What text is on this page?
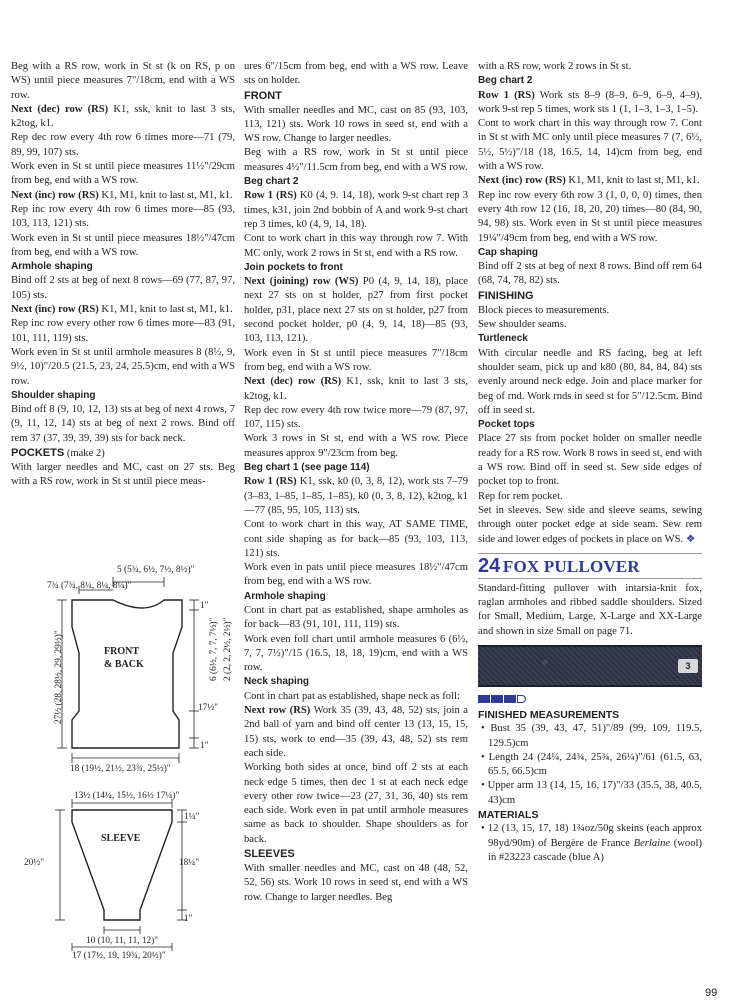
Beg with a RS row, work in St st (k on RS, p on WS) until piece measures 7"/18cm, end with a WS row.

Next (dec) row (RS) K1, ssk, knit to last 3 sts, k2tog, k1.

Rep dec row every 4th row 6 times more—71 (79, 89, 99, 107) sts.

Work even in St st until piece measures 11½"/29cm from beg, end with a WS row.

Next (inc) row (RS) K1, M1, knit to last st, M1, k1.

Rep inc row every 4th row 6 times more—85 (93, 103, 113, 121) sts.

Work even in St st until piece measures 18½"/47cm from beg, end with a WS row.

Armhole shaping

Bind off 2 sts at beg of next 8 rows—69 (77, 87, 97, 105) sts.

Next (inc) row (RS) K1, M1, knit to last st, M1, k1.

Rep inc row every other row 6 times more—83 (91, 101, 111, 119) sts.

Work even in St st until armhole measures 8 (8½, 9, 9½, 10)"/20.5 (21.5, 23, 24, 25.5)cm, end with a WS row.

Shoulder shaping

Bind off 8 (9, 10, 12, 13) sts at beg of next 4 rows, 7 (9, 11, 12, 14) sts at beg of next 2 rows. Bind off rem 37 (37, 39, 39, 39) sts for back neck.

POCKETS (make 2)

With larger needles and MC, cast on 27 sts. Beg with a RS row, work in St st until piece meas-

ures 6"/15cm from beg, end with a WS row. Leave sts on holder.

FRONT

With smaller needles and MC, cast on 85 (93, 103, 113, 121) sts. Work 10 rows in seed st, end with a WS row. Change to larger needles.

Beg with a RS row, work in St st until piece measures 4½"/11.5cm from beg, end with a WS row.

Beg chart 2

Row 1 (RS) K0 (4, 9. 14, 18), work 9-st chart rep 3 times, k31, join 2nd bobbin of A and work 9-st chart rep 3 times, k0 (4, 9, 14, 18).

Cont to work chart in this way through row 7. With MC only, work 2 rows in St st, end with a RS row.

Join pockets to front

Next (joining) row (WS) P0 (4, 9, 14, 18), place next 27 sts on st holder, p27 from first pocket holder, p31, place next 27 sts on st holder, p27 from second pocket holder, p0 (4, 9, 14, 18)—85 (93, 103, 113, 121).

Work even in St st until piece measures 7"/18cm from beg, end with a WS row.

Next (dec) row (RS) K1, ssk, knit to last 3 sts, k2tog, k1.

Rep dec row every 4th row twice more—79 (87, 97, 107, 115) sts.

Work 3 rows in St st, end with a WS row. Piece measures approx 9"/23cm from beg.

Beg chart 1 (see page 114)

Row 1 (RS) K1, ssk, k0 (0, 3, 8, 12), work sts 7–79 (3–83, 1–85, 1–85, 1–85), k0 (0, 3, 8, 12), k2tog, k1—77 (85, 95, 105, 113) sts.

Cont to work chart in this way, AT SAME TIME, cont side shaping as for back—85 (93, 103, 113, 121) sts.

Work even in pats until piece measures 18½"/47cm from beg, end with a WS row.

Armhole shaping

Cont in chart pat as established, shape armholes as for back—83 (91, 101, 111, 119) sts.

Work even foll chart until armhole measures 6 (6½, 7, 7, 7½)"/15 (16.5, 18, 18, 19)cm, end with a WS row.

Neck shaping

Cont in chart pat as established, shape neck as foll:

Next row (RS) Work 35 (39, 43, 48, 52) sts, join a 2nd ball of yarn and bind off center 13 (13, 15, 15, 15) sts, work to end—35 (39, 43, 48, 52) sts rem each side.

Working both sides at once, bind off 2 sts at each neck edge 5 times, then dec 1 st at each neck edge every other row twice—23 (27, 31, 36, 40) sts rem each side. Work even in pat until armhole measures same as back to shoulder. Shape shoulders as for back.

SLEEVES

With smaller needles and MC, cast on 48 (48, 52, 52, 56) sts. Work 10 rows in seed st, end with a WS row. Change to larger needles. Beg

with a RS row, work 2 rows in St st.

Beg chart 2

Row 1 (RS) Work sts 8–9 (8–9, 6–9, 6–9, 4–9), work 9-st rep 5 times, work sts 1 (1, 1–3, 1–3, 1–5).

Cont to work chart in this way through row 7. Cont in St st with MC only until piece measures 7 (7, 6½, 5½, 5½)"/18 (18, 16.5, 14, 14)cm from beg, end with a WS row.

Next (inc) row (RS) K1, M1, knit to last st, M1, k1.

Rep inc row every 6th row 3 (1, 0, 0, 0) times, then every 4th row 12 (16, 18, 20, 20) times—80 (84, 90, 94, 98) sts. Work even in St st until piece measures 19¼"/49cm from beg, end with a WS row.

Cap shaping

Bind off 2 sts at beg of next 8 rows. Bind off rem 64 (68, 74, 78, 82) sts.

FINISHING

Block pieces to measurements.

Sew shoulder seams.

Turtleneck

With circular needle and RS facing, beg at left shoulder seam, pick up and k80 (80, 84, 84, 84) sts evenly around neck edge. Join and place marker for beg of rnd. Work rnds in seed st for 5"/12.5cm. Bind off in seed st.

Pocket tops

Place 27 sts from pocket holder on smaller needle ready for a RS row. Work 8 rows in seed st, end with a WS row. Bind off in seed st. Sew side edges of pocket top to front.

Rep for rem pocket.

Set in sleeves. Sew side and sleeve seams, sewing through outer pocket edge at side seam. Sew rem side and lower edges of pockets in place on WS. ❖

24 FOX PULLOVER

Standard-fitting pullover with intarsia-knit fox, raglan armholes and ribbed saddle shoulders. Sized for Small, Medium, Large, X-Large and XX-Large and shown in size Small on page 71.

3
FINISHED MEASUREMENTS

• Bust 35 (39, 43, 47, 51)"/89 (99, 109, 119.5, 129.5)cm

• Length 24 (24¼, 24¾, 25¾, 26¼)"/61 (61.5, 63, 65.5, 66.5)cm

• Upper arm 13 (14, 15, 16, 17)"/33 (35.5, 38, 40.5, 43)cm

MATERIALS

• 12 (13, 15, 17, 18) 1¾oz/50g skeins (each approx 98yd/90m) of Bergère de France Berlaine (wool) in #23223 cascade (blue A)

5 (5¾, 6½, 7½, 8½)"
7¾ (7¾, 8¼, 8¼, 8¼)"
FRONT
& BACK
1"
6 (6½, 7, 7, 7½)" 2 (2, 2, 2½, 2½)"
17½"
1"
27½ (28, 28½, 29, 29½)"
18 (19½, 21½, 23¾, 25½)"
13½ (14¼, 15½, 16½ 17¼)"
SLEEVE
1¼"
18¼"
1"
20½"
10 (10, 11, 11, 12)"
17 (17½, 19, 19¾, 20½)"
99
